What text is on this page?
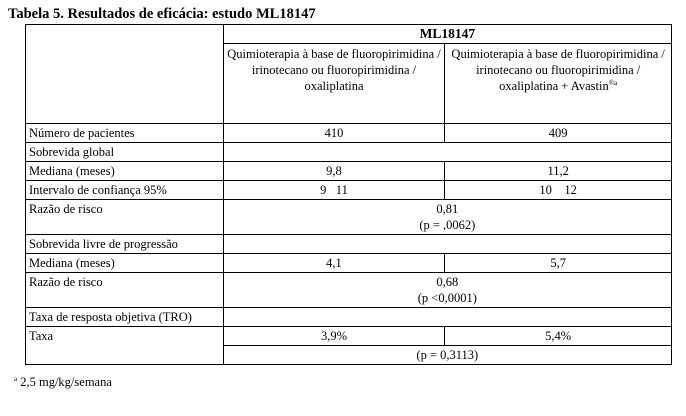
Tabela 5. Resultados de eficácia: estudo ML18147
	ML18147	
	Quimioterapia à base de fluoropirimidina / irinotecano ou fluoropirimidina / oxaliplatina	Quimioterapia à base de fluoropirimidina / irinotecano ou fluoropirimidina / oxaliplatina + Avastin$^{®a}$
Número de pacientes	410	409
Sobrevida global		
Mediana (meses)	9,8	11,2
Intervalo de confiança 95%	9   11	10    12
Razão de risco	0,81
(p = ,0062)	

Sobrevida livre de progressão		
Mediana (meses)	4,1	5,7
Razão de risco	0,68
(p <0,0001)	

Taxa de resposta objetiva (TRO)		
Taxa	3,9%	5,4%
	(p = 0,3113)	
$^a$ 2,5 mg/kg/semana
